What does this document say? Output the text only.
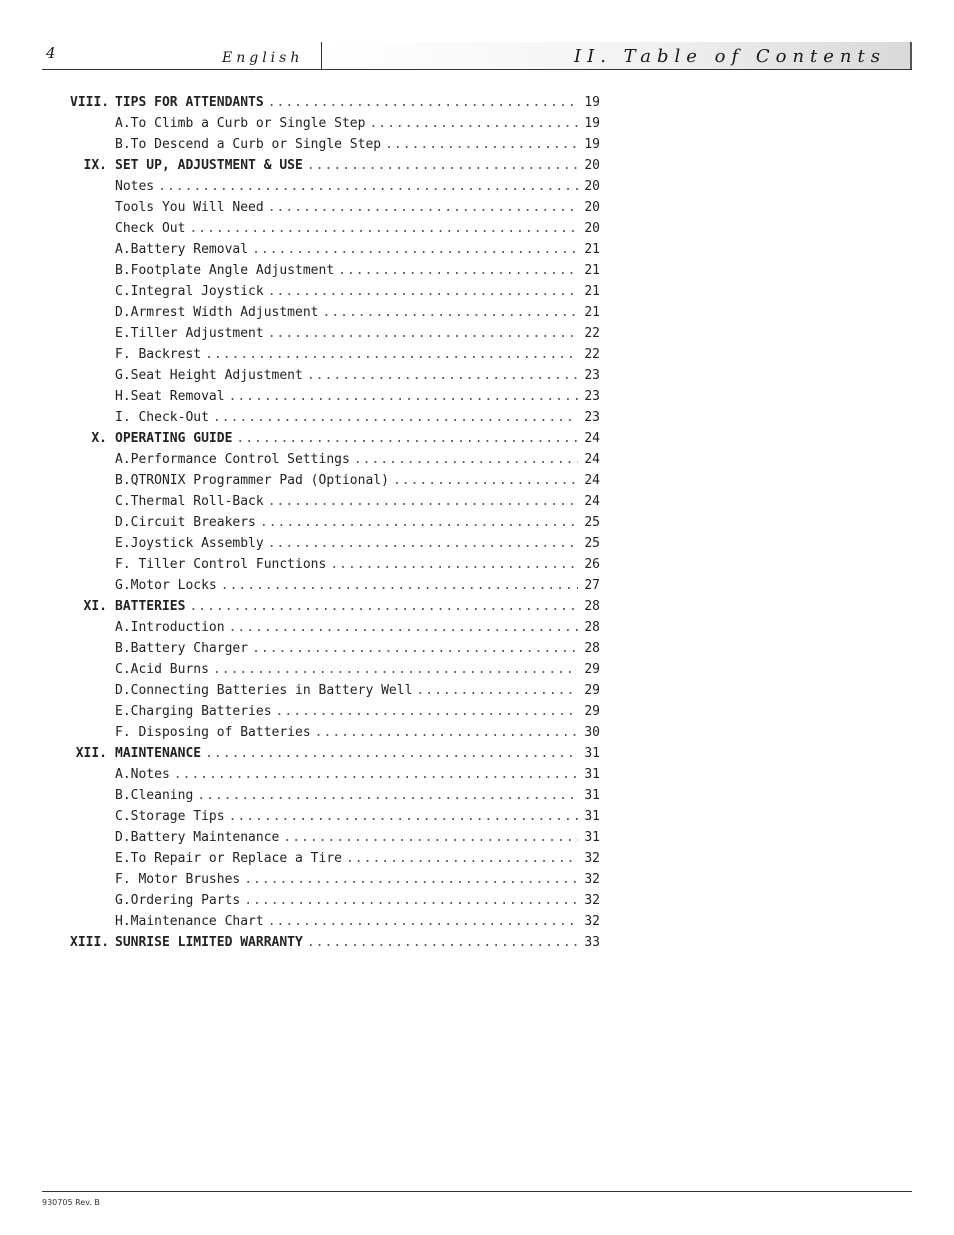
4	English	II. Table of Contents
VIII. TIPS FOR ATTENDANTS .....	19
A.To Climb a Curb or Single Step .....	19
B.To Descend a Curb or Single Step .....	19
IX. SET UP, ADJUSTMENT & USE .....	20
Notes .....	20
Tools You Will Need .....	20
Check Out .....	20
A.Battery Removal .....	21
B.Footplate Angle Adjustment .....	21
C.Integral Joystick .....	21
D.Armrest Width Adjustment .....	21
E.Tiller Adjustment .....	22
F. Backrest .....	22
G.Seat Height Adjustment .....	23
H.Seat Removal .....	23
I. Check-Out .....	23
X. OPERATING GUIDE .....	24
A.Performance Control Settings .....	24
B.QTRONIX Programmer Pad (Optional) .....	24
C.Thermal Roll-Back .....	24
D.Circuit Breakers .....	25
E.Joystick Assembly .....	25
F. Tiller Control Functions .....	26
G.Motor Locks .....	27
XI. BATTERIES .....	28
A.Introduction .....	28
B.Battery Charger .....	28
C.Acid Burns .....	29
D.Connecting Batteries in Battery Well .....	29
E.Charging Batteries .....	29
F. Disposing of Batteries .....	30
XII. MAINTENANCE .....	31
A.Notes .....	31
B.Cleaning .....	31
C.Storage Tips .....	31
D.Battery Maintenance .....	31
E.To Repair or Replace a Tire .....	32
F. Motor Brushes .....	32
G.Ordering Parts .....	32
H.Maintenance Chart .....	32
XIII. SUNRISE LIMITED WARRANTY .....	33
930705 Rev. B
